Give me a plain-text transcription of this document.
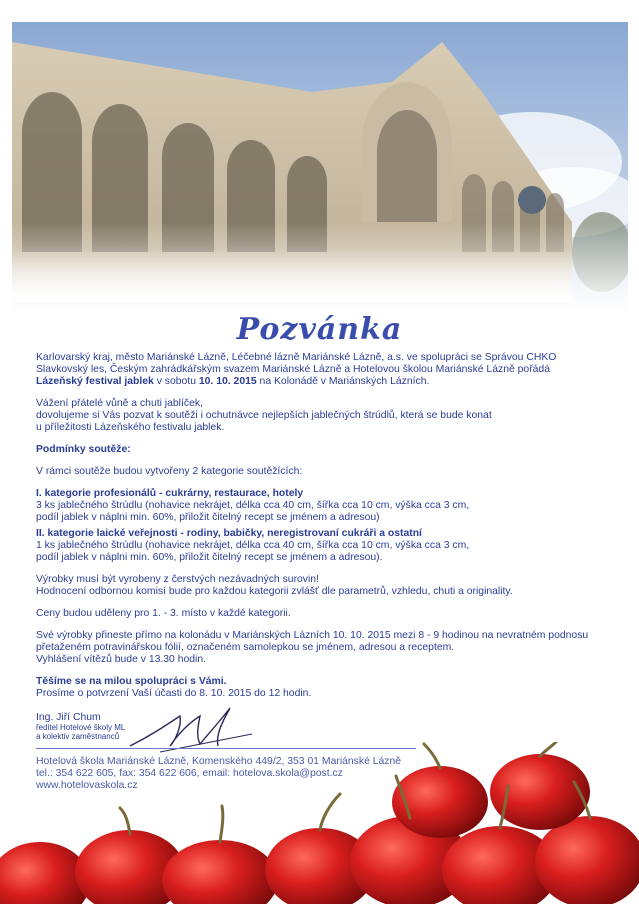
Pozvánka

Karlovarský kraj, město Mariánské Lázně, Léčebné lázně Mariánské Lázně, a.s. ve spolupráci se Správou CHKO

Slavkovský les, Českým zahrádkářským svazem Mariánské Lázně a Hotelovou školou Mariánské Lázně pořádá

Lázeňský festival jablek v sobotu 10. 10. 2015 na Kolonádě v Mariánských Lázních.

Vážení přátelé vůně a chuti jablíček,

dovolujeme si Vás pozvat k soutěži i ochutnávce nejlepších jablečných štrúdlů, která se bude konat

u příležitosti Lázeňského festivalu jablek.

Podmínky soutěže:

V rámci soutěže budou vytvořeny 2 kategorie soutěžících:

I. kategorie profesionálů - cukrárny, restaurace, hotely

3 ks jablečného štrúdlu (nohavice nekrájet, délka cca 40 cm, šířka cca 10 cm, výška cca 3 cm,

podíl jablek v náplni min. 60%, přiložit čitelný recept se jménem a adresou)

II. kategorie laické veřejnosti - rodiny, babičky, neregistrovaní cukráři a ostatní

1 ks jablečného štrúdlu (nohavice nekrájet, délka cca 40 cm, šířka cca 10 cm, výška cca 3 cm,

podíl jablek v náplni min. 60%, přiložit čitelný recept se jménem a adresou).

Výrobky musí být vyrobeny z čerstvých nezávadných surovin!

Hodnocení odbornou komisí bude pro každou kategorii zvlášť dle parametrů, vzhledu, chuti a originality.

Ceny budou uděleny pro 1. - 3. místo v každé kategorii.

Své výrobky přineste přímo na kolonádu v Mariánských Lázních 10. 10. 2015 mezi 8 - 9 hodinou na nevratném podnosu

přetaženém potravinářskou fólií, označeném samolepkou se jménem, adresou a receptem.

Vyhlášení vítězů bude v 13.30 hodin.

Těšíme se na milou spolupráci s Vámi.

Prosíme o potvrzení Vaší účasti do 8. 10. 2015 do 12 hodin.

Ing. Jiří Chum
ředitel Hotelové školy ML
a kolektiv zaměstnanců
Hotelová škola Mariánské Lázně, Komenského 449/2, 353 01 Mariánské Lázně
tel.: 354 622 605, fax: 354 622 606, email: hotelova.skola@post.cz
www.hotelovaskola.cz
